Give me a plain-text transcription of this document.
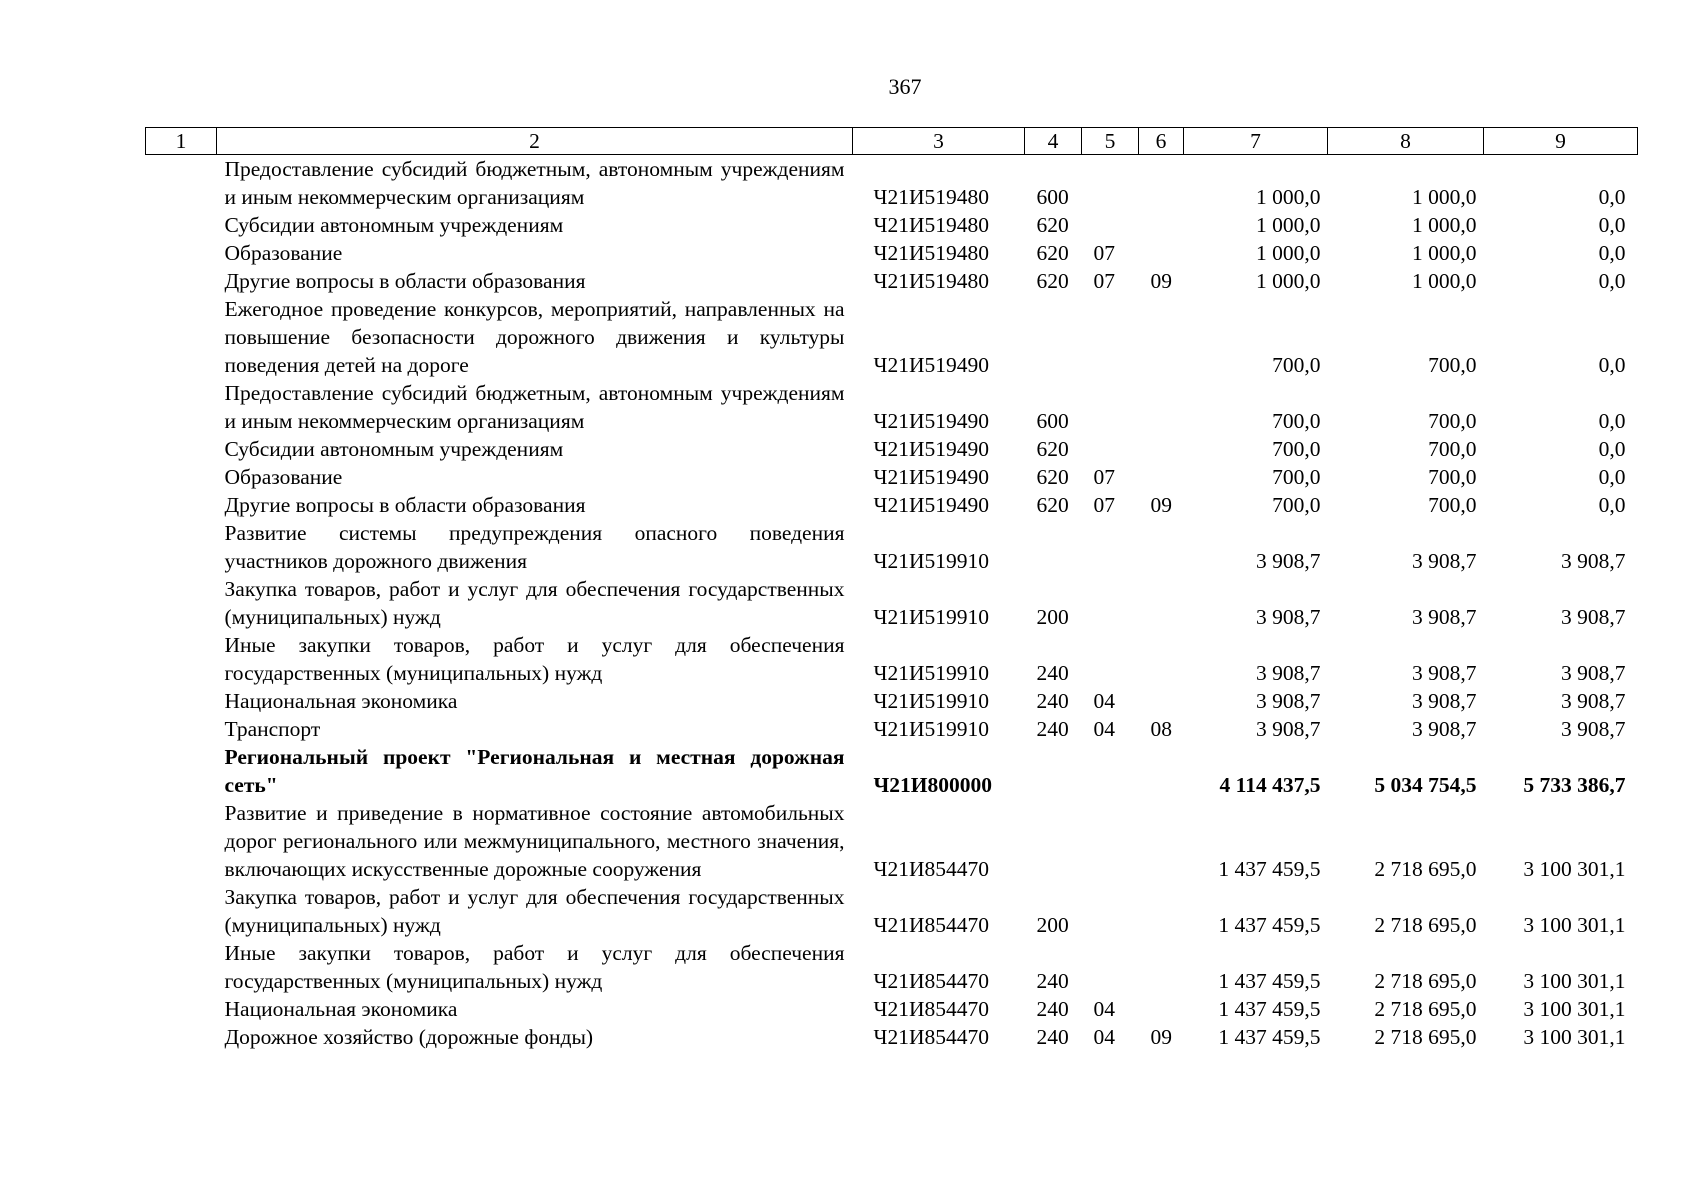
367
1	2	3	4	5	6	7	8	9
	Предоставление субсидий бюджетным, автономным учреждениям и иным некоммерческим организациям	Ч21И519480	600			1 000,0	1 000,0	0,0
	Субсидии автономным учреждениям	Ч21И519480	620			1 000,0	1 000,0	0,0
	Образование	Ч21И519480	620	07		1 000,0	1 000,0	0,0
	Другие вопросы в области образования	Ч21И519480	620	07	09	1 000,0	1 000,0	0,0
	Ежегодное проведение конкурсов, мероприятий, направленных на повышение безопасности дорожного движения и культуры поведения детей на дороге	Ч21И519490				700,0	700,0	0,0
	Предоставление субсидий бюджетным, автономным учреждениям и иным некоммерческим организациям	Ч21И519490	600			700,0	700,0	0,0
	Субсидии автономным учреждениям	Ч21И519490	620			700,0	700,0	0,0
	Образование	Ч21И519490	620	07		700,0	700,0	0,0
	Другие вопросы в области образования	Ч21И519490	620	07	09	700,0	700,0	0,0
	Развитие системы предупреждения опасного поведения участников дорожного движения	Ч21И519910				3 908,7	3 908,7	3 908,7
	Закупка товаров, работ и услуг для обеспечения государственных (муниципальных) нужд	Ч21И519910	200			3 908,7	3 908,7	3 908,7
	Иные закупки товаров, работ и услуг для обеспечения государственных (муниципальных) нужд	Ч21И519910	240			3 908,7	3 908,7	3 908,7
	Национальная экономика	Ч21И519910	240	04		3 908,7	3 908,7	3 908,7
	Транспорт	Ч21И519910	240	04	08	3 908,7	3 908,7	3 908,7
	Региональный проект "Региональная и местная дорожная сеть"	Ч21И800000				4 114 437,5	5 034 754,5	5 733 386,7
	Развитие и приведение в нормативное состояние автомобильных дорог регионального или межмуниципального, местного значения, включающих искусственные дорожные сооружения	Ч21И854470				1 437 459,5	2 718 695,0	3 100 301,1
	Закупка товаров, работ и услуг для обеспечения государственных (муниципальных) нужд	Ч21И854470	200			1 437 459,5	2 718 695,0	3 100 301,1
	Иные закупки товаров, работ и услуг для обеспечения государственных (муниципальных) нужд	Ч21И854470	240			1 437 459,5	2 718 695,0	3 100 301,1
	Национальная экономика	Ч21И854470	240	04		1 437 459,5	2 718 695,0	3 100 301,1
	Дорожное хозяйство (дорожные фонды)	Ч21И854470	240	04	09	1 437 459,5	2 718 695,0	3 100 301,1
